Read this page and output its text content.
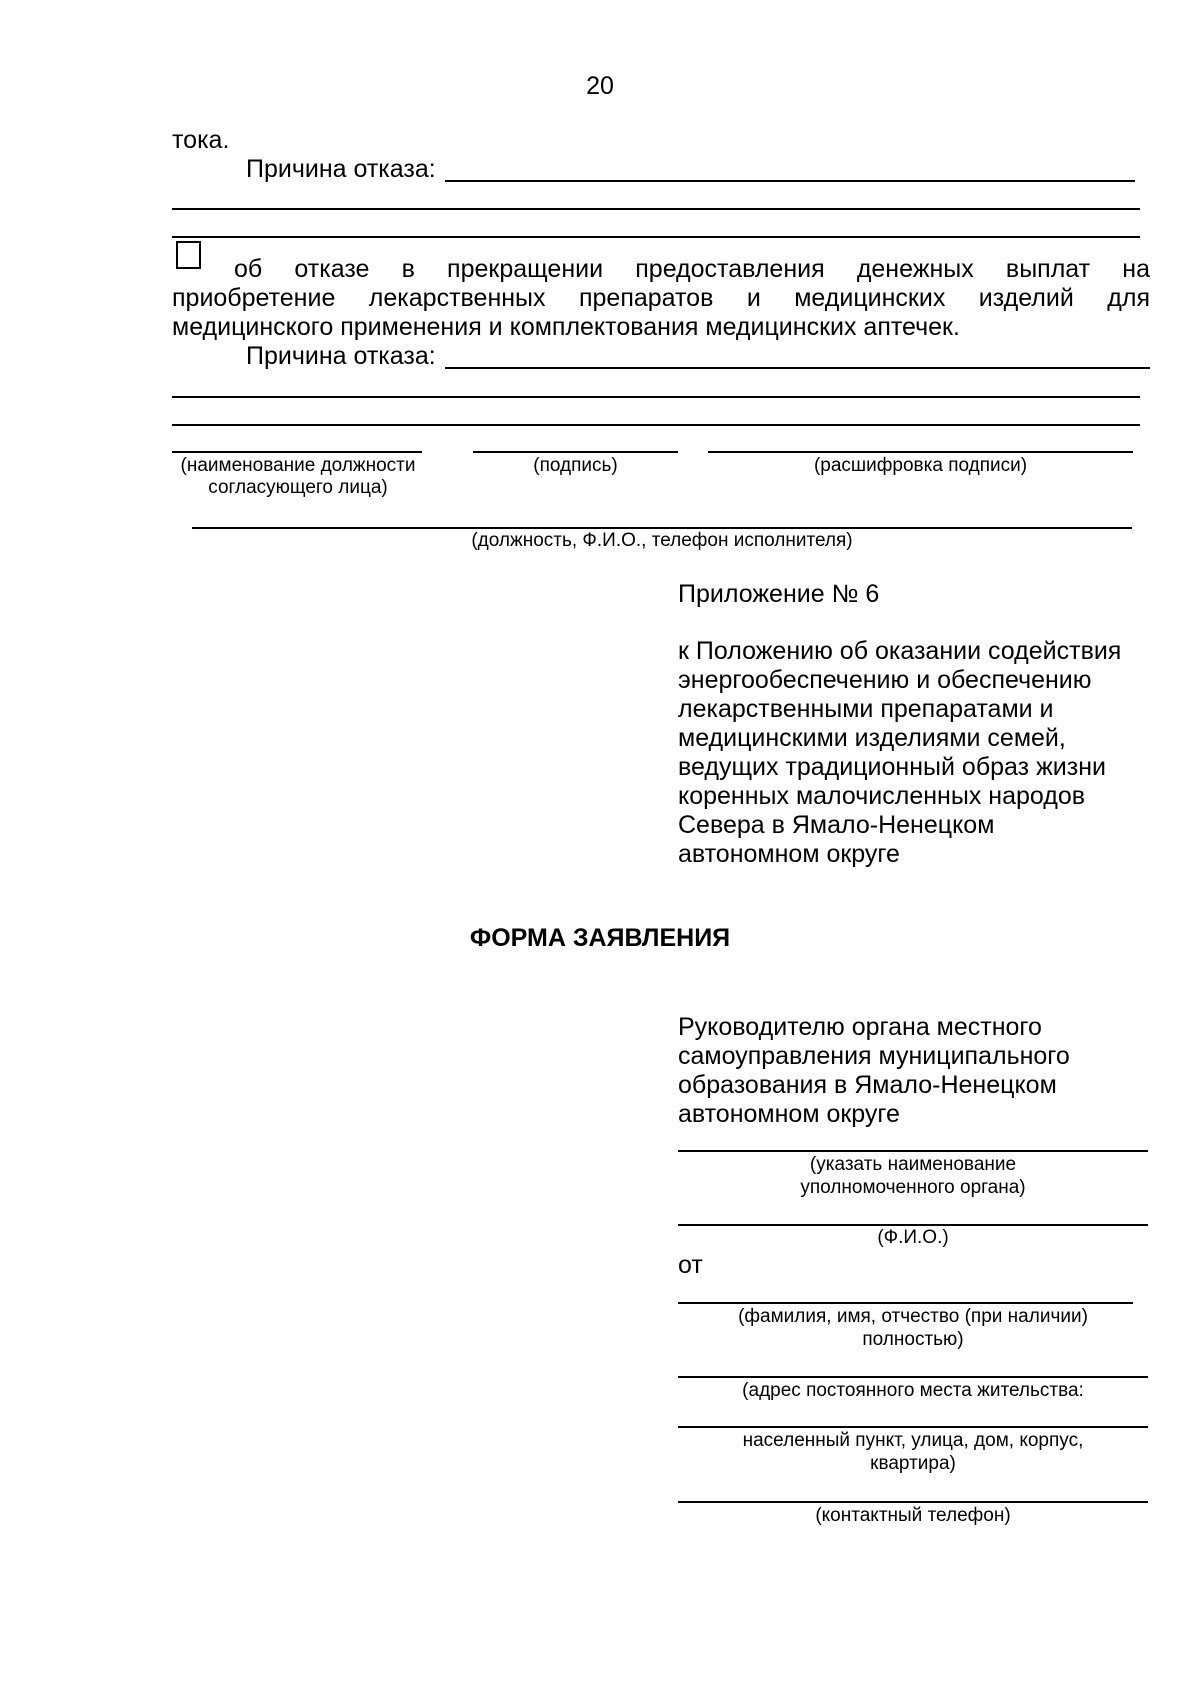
20
тока.
Причина отказа:
об отказе в прекращении предоставления денежных выплат на
приобретение лекарственных препаратов и медицинских изделий для
медицинского применения и комплектования медицинских аптечек.
Причина отказа:
(наименование должности
согласующего лица)
(подпись)	(расшифровка подписи)
(должность, Ф.И.О., телефон исполнителя)
Приложение № 6
к Положению об оказании содействия
энергообеспечению и обеспечению
лекарственными препаратами и
медицинскими изделиями семей,
ведущих традиционный образ жизни
коренных малочисленных народов
Севера в Ямало-Ненецком
автономном округе
ФОРМА ЗАЯВЛЕНИЯ
Руководителю органа местного
самоуправления муниципального
образования в Ямало-Ненецком
автономном округе
(указать наименование
уполномоченного органа)
(Ф.И.О.)
от
(фамилия, имя, отчество (при наличии)
полностью)
(адрес постоянного места жительства:
населенный пункт, улица, дом, корпус,
квартира)
(контактный телефон)
